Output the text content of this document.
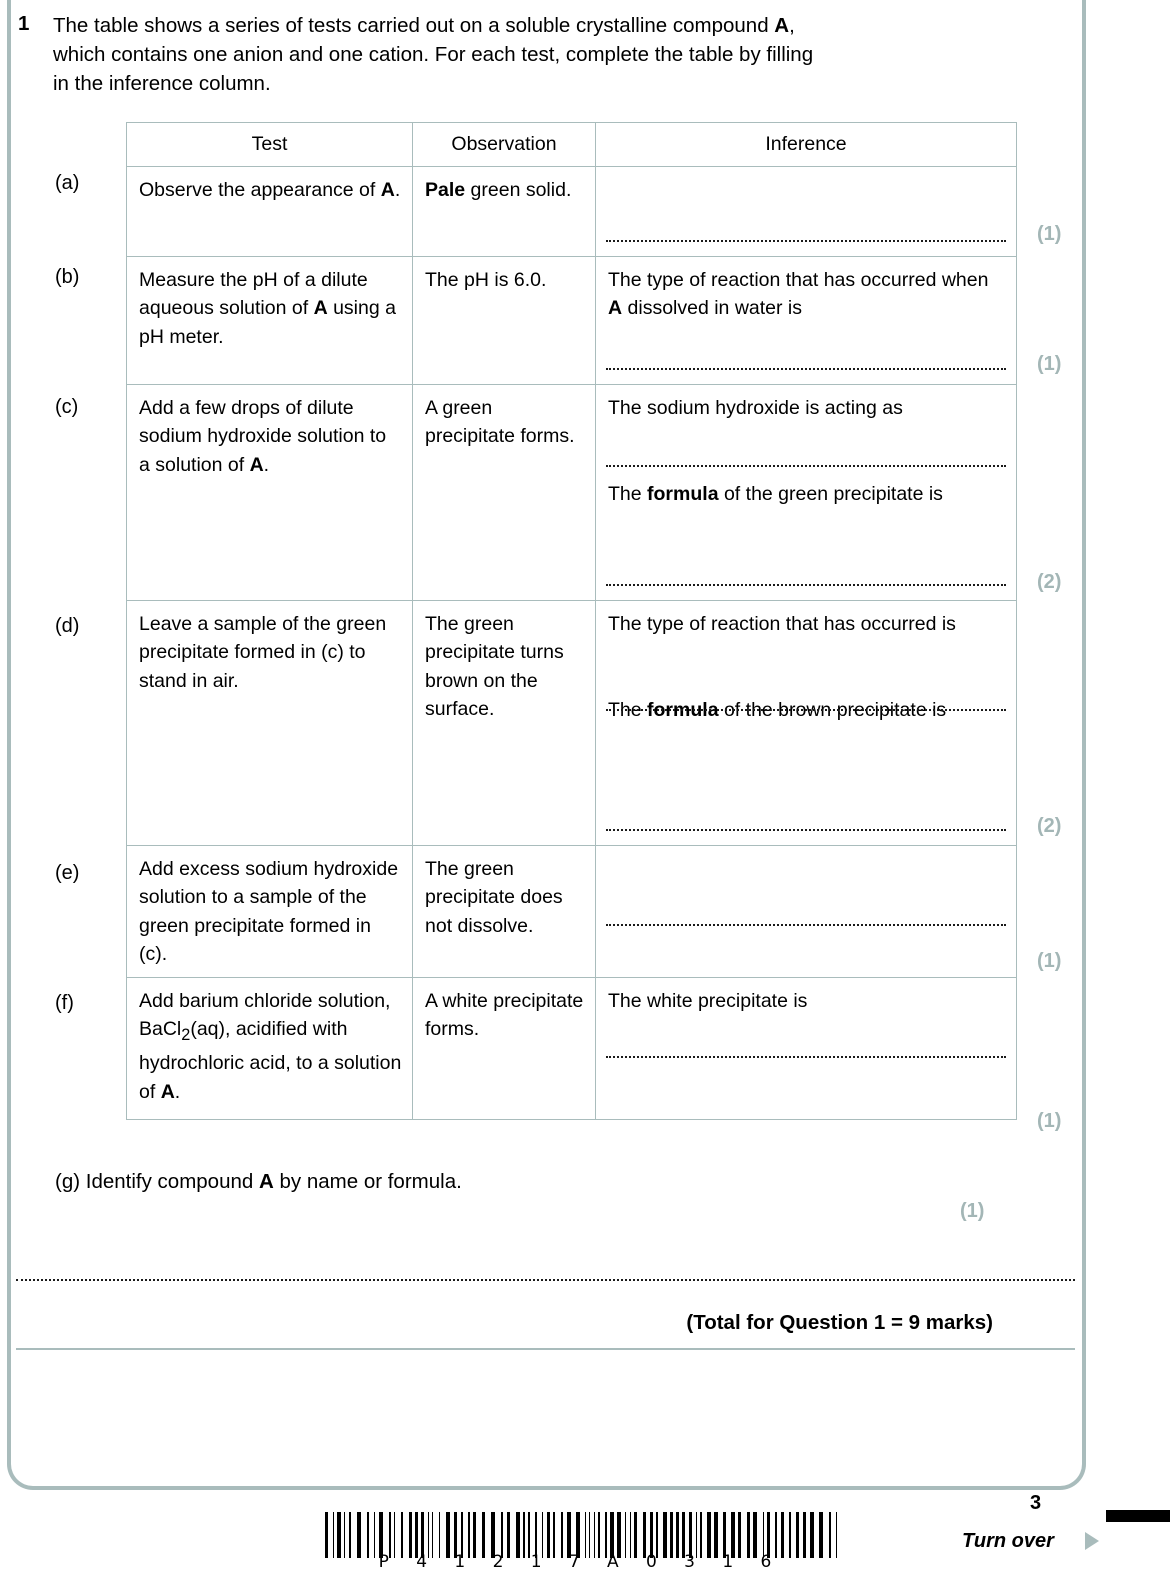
1 The table shows a series of tests carried out on a soluble crystalline compound A,
which contains one anion and one cation. For each test, complete the table by filling
in the inference column.
(a)
(b)
(c)
(d)
(e)
(f)
(1)
(1)
(2)
(2)
(1)
(1)
Test	Observation	Inference
Observe the appearance of A.	Pale green solid.	

Measure the pH of a dilute aqueous solution of A using a pH meter.	The pH is 6.0.	The type of reaction that has occurred when A dissolved in water is

Add a few drops of dilute sodium hydroxide solution to a solution of A.	A green precipitate forms.	The sodium hydroxide is acting as
The formula of the green precipitate is

Leave a sample of the green precipitate formed in (c) to stand in air.	The green precipitate turns brown on the surface.	The type of reaction that has occurred is
The formula of the brown precipitate is

Add excess sodium hydroxide solution to a sample of the green precipitate formed in (c).	The green precipitate does not dissolve.	

Add barium chloride solution, BaCl$_2$(aq), acidified with hydrochloric acid, to a solution of A.	A white precipitate forms.	The white precipitate is
(g) Identify compound A by name or formula.
(1)
(Total for Question 1 = 9 marks)
P 4 1 2 1 7 A 0 3 1 6
3
Turn over
